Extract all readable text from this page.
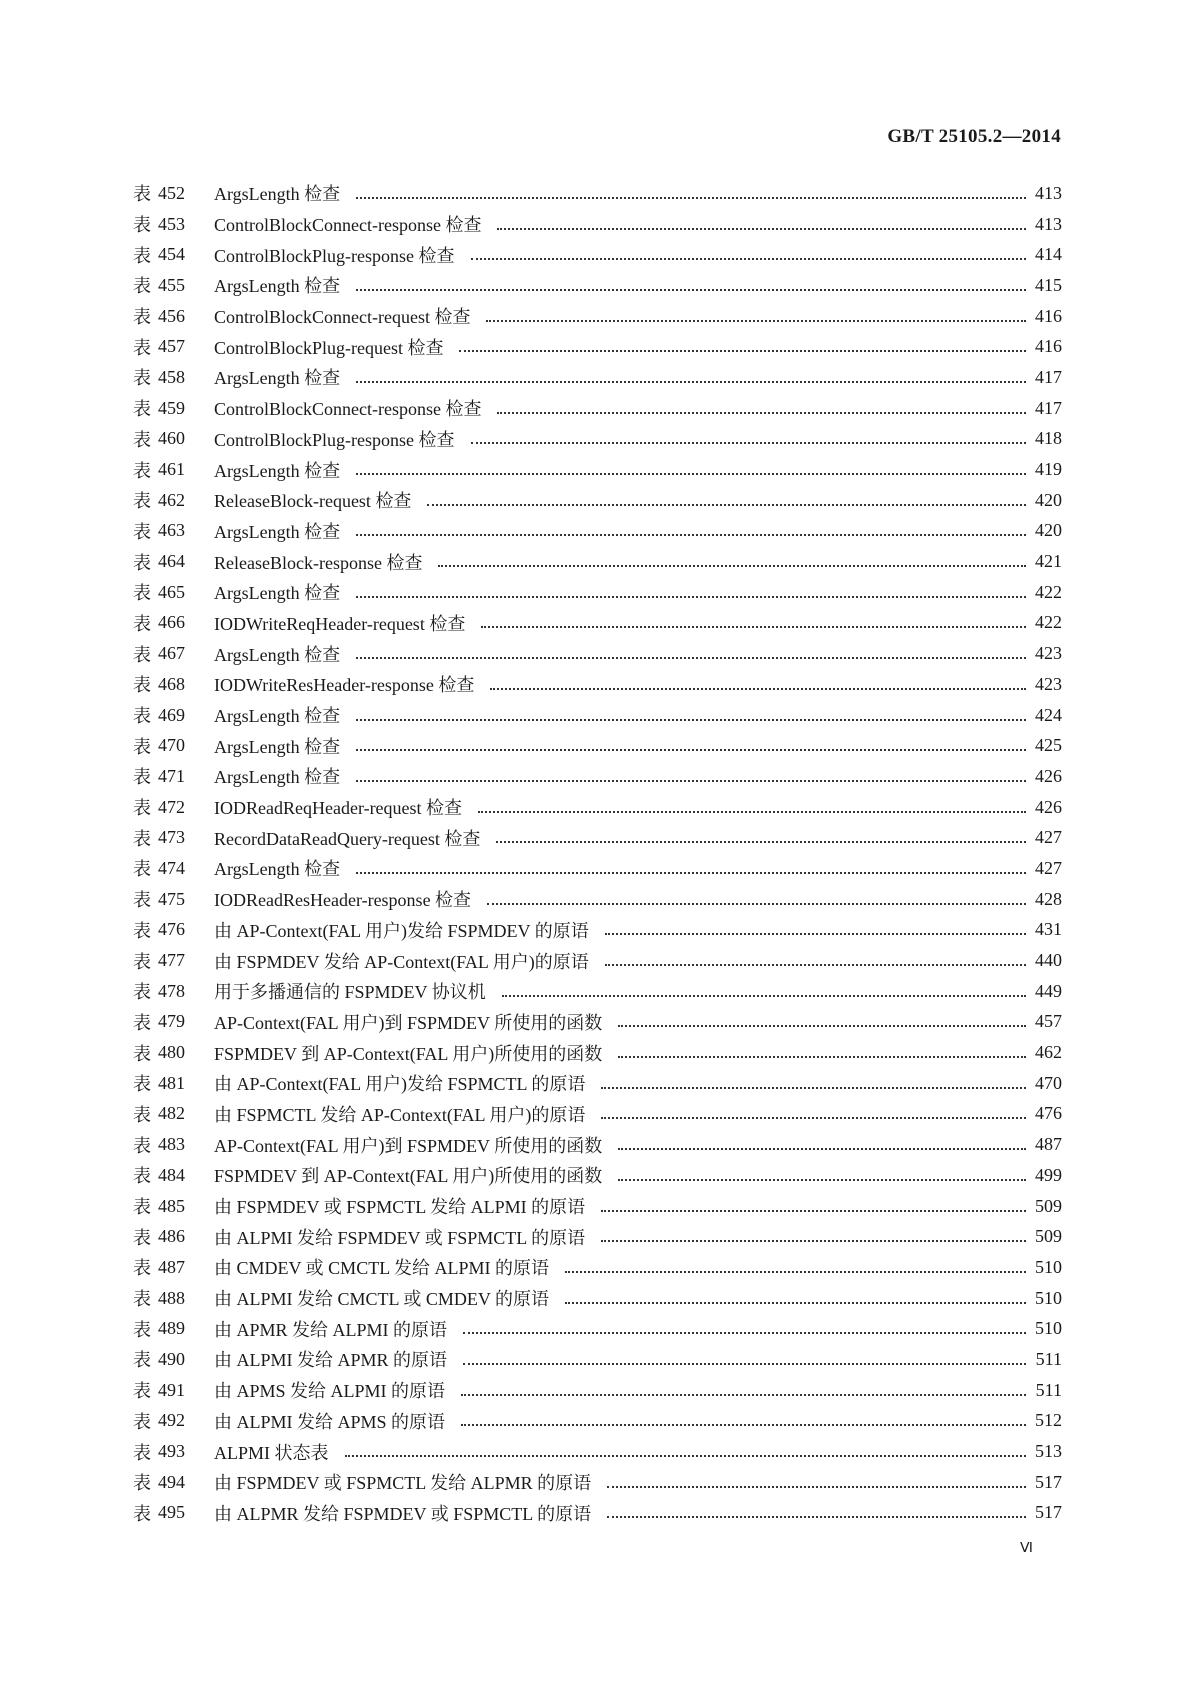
GB/T 25105.2—2014
表 452	ArgsLength 检查	413
表 453	ControlBlockConnect-response 检查	413
表 454	ControlBlockPlug-response 检查	414
表 455	ArgsLength 检查	415
表 456	ControlBlockConnect-request 检查	416
表 457	ControlBlockPlug-request 检查	416
表 458	ArgsLength 检查	417
表 459	ControlBlockConnect-response 检查	417
表 460	ControlBlockPlug-response 检查	418
表 461	ArgsLength 检查	419
表 462	ReleaseBlock-request 检查	420
表 463	ArgsLength 检查	420
表 464	ReleaseBlock-response 检查	421
表 465	ArgsLength 检查	422
表 466	IODWriteReqHeader-request 检查	422
表 467	ArgsLength 检查	423
表 468	IODWriteResHeader-response 检查	423
表 469	ArgsLength 检查	424
表 470	ArgsLength 检查	425
表 471	ArgsLength 检查	426
表 472	IODReadReqHeader-request 检查	426
表 473	RecordDataReadQuery-request 检查	427
表 474	ArgsLength 检查	427
表 475	IODReadResHeader-response 检查	428
表 476	由 AP-Context(FAL 用户)发给 FSPMDEV 的原语	431
表 477	由 FSPMDEV 发给 AP-Context(FAL 用户)的原语	440
表 478	用于多播通信的 FSPMDEV 协议机	449
表 479	AP-Context(FAL 用户)到 FSPMDEV 所使用的函数	457
表 480	FSPMDEV 到 AP-Context(FAL 用户)所使用的函数	462
表 481	由 AP-Context(FAL 用户)发给 FSPMCTL 的原语	470
表 482	由 FSPMCTL 发给 AP-Context(FAL 用户)的原语	476
表 483	AP-Context(FAL 用户)到 FSPMDEV 所使用的函数	487
表 484	FSPMDEV 到 AP-Context(FAL 用户)所使用的函数	499
表 485	由 FSPMDEV 或 FSPMCTL 发给 ALPMI 的原语	509
表 486	由 ALPMI 发给 FSPMDEV 或 FSPMCTL 的原语	509
表 487	由 CMDEV 或 CMCTL 发给 ALPMI 的原语	510
表 488	由 ALPMI 发给 CMCTL 或 CMDEV 的原语	510
表 489	由 APMR 发给 ALPMI 的原语	510
表 490	由 ALPMI 发给 APMR 的原语	511
表 491	由 APMS 发给 ALPMI 的原语	511
表 492	由 ALPMI 发给 APMS 的原语	512
表 493	ALPMI 状态表	513
表 494	由 FSPMDEV 或 FSPMCTL 发给 ALPMR 的原语	517
表 495	由 ALPMR 发给 FSPMDEV 或 FSPMCTL 的原语	517
Ⅵ
